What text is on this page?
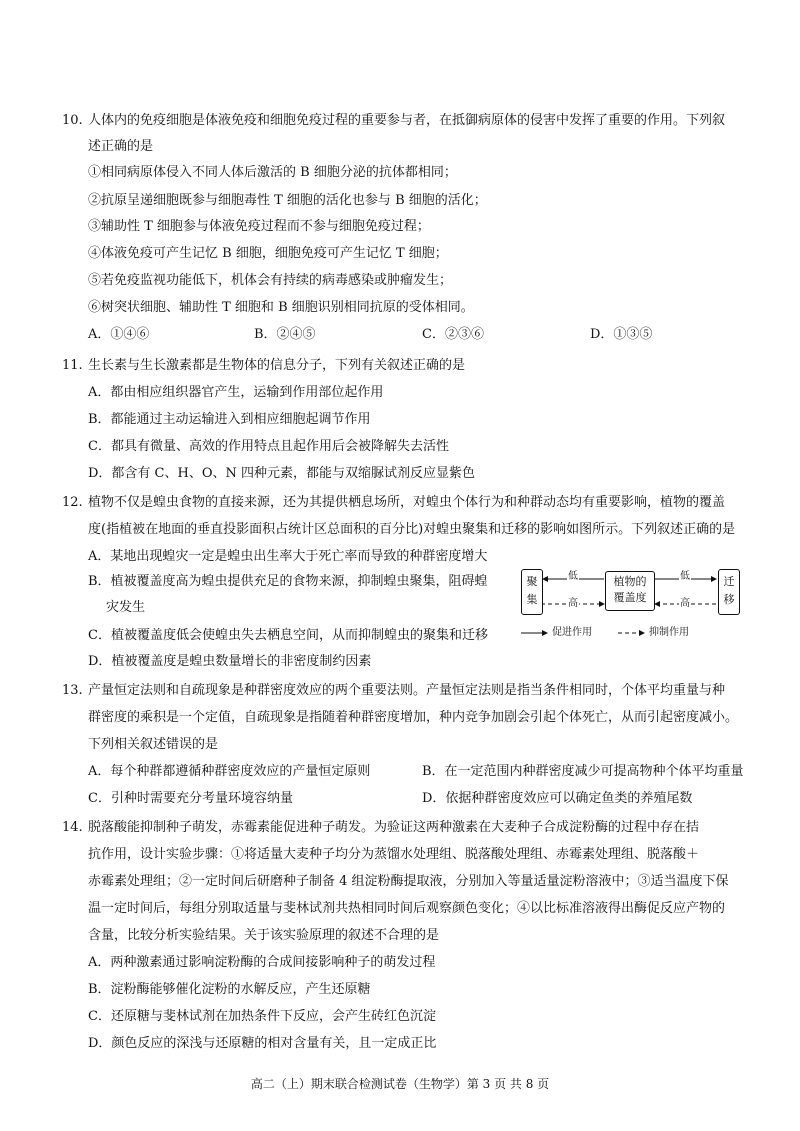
10. 人体内的免疫细胞是体液免疫和细胞免疫过程的重要参与者，在抵御病原体的侵害中发挥了重要的作用。下列叙
述正确的是
①相同病原体侵入不同人体后激活的 B 细胞分泌的抗体都相同；
②抗原呈递细胞既参与细胞毒性 T 细胞的活化也参与 B 细胞的活化；
③辅助性 T 细胞参与体液免疫过程而不参与细胞免疫过程；
④体液免疫可产生记忆 B 细胞，细胞免疫可产生记忆 T 细胞；
⑤若免疫监视功能低下，机体会有持续的病毒感染或肿瘤发生；
⑥树突状细胞、辅助性 T 细胞和 B 细胞识别相同抗原的受体相同。
A．①④⑥	B．②④⑤	C．②③⑥	D．①③⑤
11. 生长素与生长激素都是生物体的信息分子，下列有关叙述正确的是
A．都由相应组织器官产生，运输到作用部位起作用
B．都能通过主动运输进入到相应细胞起调节作用
C．都具有微量、高效的作用特点且起作用后会被降解失去活性
D．都含有 C、H、O、N 四种元素，都能与双缩脲试剂反应显紫色
12. 植物不仅是蝗虫食物的直接来源，还为其提供栖息场所，对蝗虫个体行为和种群动态均有重要影响，植物的覆盖
度(指植被在地面的垂直投影面积占统计区总面积的百分比)对蝗虫聚集和迁移的影响如图所示。下列叙述正确的是
A．某地出现蝗灾一定是蝗虫出生率大于死亡率而导致的种群密度增大
B．植被覆盖度高为蝗虫提供充足的食物来源，抑制蝗虫聚集，阻碍蝗
灾发生
C．植被覆盖度低会使蝗虫失去栖息空间，从而抑制蝗虫的聚集和迁移
D．植被覆盖度是蝗虫数量增长的非密度制约因素
聚
集
植物的
覆盖度
迁
移
低
高
低
高
促进作用	抑制作用
13. 产量恒定法则和自疏现象是种群密度效应的两个重要法则。产量恒定法则是指当条件相同时，个体平均重量与种
群密度的乘积是一个定值，自疏现象是指随着种群密度增加，种内竞争加剧会引起个体死亡，从而引起密度减小。
下列相关叙述错误的是
A．每个种群都遵循种群密度效应的产量恒定原则	B．在一定范围内种群密度减少可提高物种个体平均重量
C．引种时需要充分考量环境容纳量	D．依据种群密度效应可以确定鱼类的养殖尾数
14. 脱落酸能抑制种子萌发，赤霉素能促进种子萌发。为验证这两种激素在大麦种子合成淀粉酶的过程中存在拮
抗作用，设计实验步骤：①将适量大麦种子均分为蒸馏水处理组、脱落酸处理组、赤霉素处理组、脱落酸＋
赤霉素处理组；②一定时间后研磨种子制备 4 组淀粉酶提取液，分别加入等量适量淀粉溶液中；③适当温度下保
温一定时间后，每组分别取适量与斐林试剂共热相同时间后观察颜色变化；④以比标准溶液得出酶促反应产物的
含量，比较分析实验结果。关于该实验原理的叙述不合理的是
A．两种激素通过影响淀粉酶的合成间接影响种子的萌发过程
B．淀粉酶能够催化淀粉的水解反应，产生还原糖
C．还原糖与斐林试剂在加热条件下反应，会产生砖红色沉淀
D．颜色反应的深浅与还原糖的相对含量有关，且一定成正比
高二（上）期末联合检测试卷（生物学）第 3 页 共 8 页
